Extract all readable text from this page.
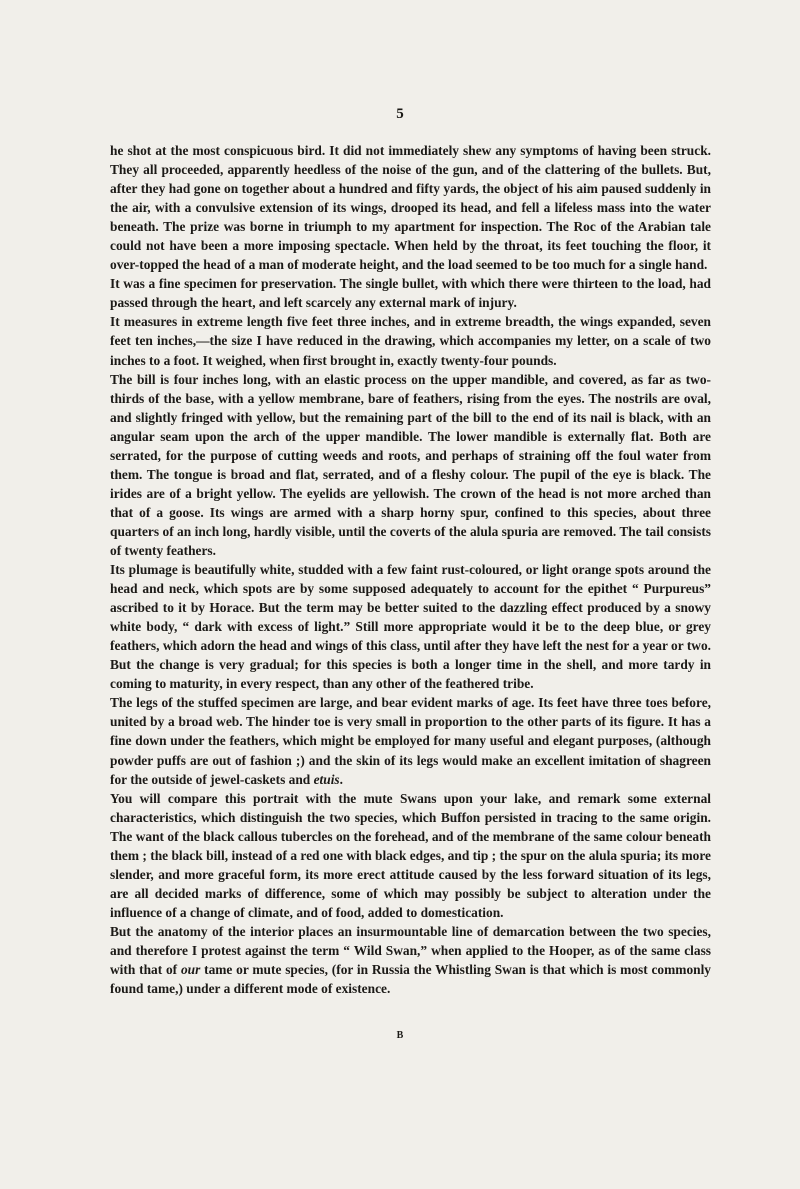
5

he shot at the most conspicuous bird. It did not immediately shew any symptoms of having been struck. They all proceeded, apparently heedless of the noise of the gun, and of the clattering of the bullets. But, after they had gone on together about a hundred and fifty yards, the object of his aim paused suddenly in the air, with a convulsive extension of its wings, drooped its head, and fell a lifeless mass into the water beneath. The prize was borne in triumph to my apartment for inspection. The Roc of the Arabian tale could not have been a more imposing spectacle. When held by the throat, its feet touching the floor, it over-topped the head of a man of moderate height, and the load seemed to be too much for a single hand.

It was a fine specimen for preservation. The single bullet, with which there were thirteen to the load, had passed through the heart, and left scarcely any external mark of injury.

It measures in extreme length five feet three inches, and in extreme breadth, the wings expanded, seven feet ten inches,—the size I have reduced in the drawing, which accompanies my letter, on a scale of two inches to a foot. It weighed, when first brought in, exactly twenty-four pounds.

The bill is four inches long, with an elastic process on the upper mandible, and covered, as far as two-thirds of the base, with a yellow membrane, bare of feathers, rising from the eyes. The nostrils are oval, and slightly fringed with yellow, but the remaining part of the bill to the end of its nail is black, with an angular seam upon the arch of the upper mandible. The lower mandible is externally flat. Both are serrated, for the purpose of cutting weeds and roots, and perhaps of straining off the foul water from them. The tongue is broad and flat, serrated, and of a fleshy colour. The pupil of the eye is black. The irides are of a bright yellow. The eyelids are yellowish. The crown of the head is not more arched than that of a goose. Its wings are armed with a sharp horny spur, confined to this species, about three quarters of an inch long, hardly visible, until the coverts of the alula spuria are removed. The tail consists of twenty feathers.

Its plumage is beautifully white, studded with a few faint rust-coloured, or light orange spots around the head and neck, which spots are by some supposed adequately to account for the epithet “ Purpureus” ascribed to it by Horace. But the term may be better suited to the dazzling effect produced by a snowy white body, “ dark with excess of light.” Still more appropriate would it be to the deep blue, or grey feathers, which adorn the head and wings of this class, until after they have left the nest for a year or two. But the change is very gradual; for this species is both a longer time in the shell, and more tardy in coming to maturity, in every respect, than any other of the feathered tribe.

The legs of the stuffed specimen are large, and bear evident marks of age. Its feet have three toes before, united by a broad web. The hinder toe is very small in proportion to the other parts of its figure. It has a fine down under the feathers, which might be employed for many useful and elegant purposes, (although powder puffs are out of fashion ;) and the skin of its legs would make an excellent imitation of shagreen for the outside of jewel-caskets and etuis.

You will compare this portrait with the mute Swans upon your lake, and remark some external characteristics, which distinguish the two species, which Buffon persisted in tracing to the same origin. The want of the black callous tubercles on the forehead, and of the membrane of the same colour beneath them ; the black bill, instead of a red one with black edges, and tip ; the spur on the alula spuria; its more slender, and more graceful form, its more erect attitude caused by the less forward situation of its legs, are all decided marks of difference, some of which may possibly be subject to alteration under the influence of a change of climate, and of food, added to domestication.

But the anatomy of the interior places an insurmountable line of demarcation between the two species, and therefore I protest against the term “ Wild Swan,” when applied to the Hooper, as of the same class with that of our tame or mute species, (for in Russia the Whistling Swan is that which is most commonly found tame,) under a different mode of existence.

B
